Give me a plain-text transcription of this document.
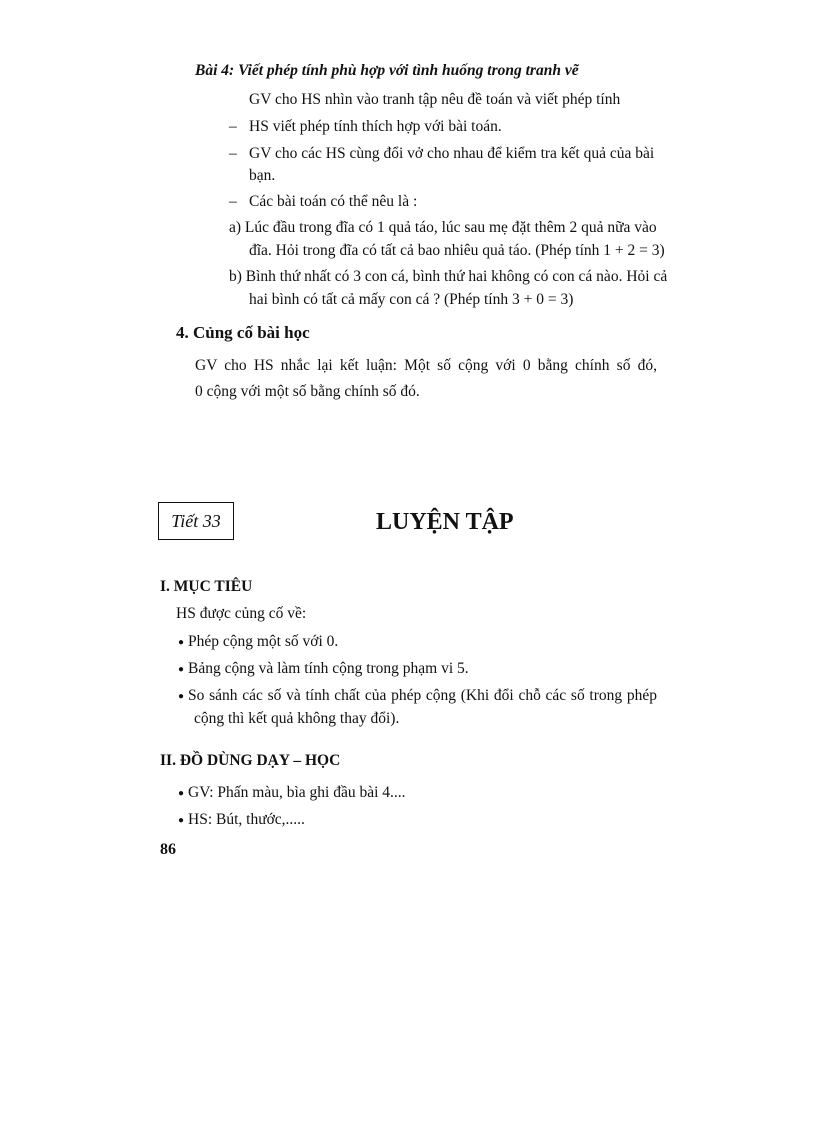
Bài 4: Viết phép tính phù hợp với tình huống trong tranh vẽ
GV cho HS nhìn vào tranh tập nêu đề toán và viết phép tính
– HS viết phép tính thích hợp với bài toán.
– GV cho các HS cùng đổi vở cho nhau để kiểm tra kết quả của bài
bạn.
– Các bài toán có thể nêu là :
a) Lúc đầu trong đĩa có 1 quả táo, lúc sau mẹ đặt thêm 2 quả nữa vào
đĩa. Hỏi trong đĩa có tất cả bao nhiêu quả táo. (Phép tính 1 + 2 = 3)
b) Bình thứ nhất có 3 con cá, bình thứ hai không có con cá nào. Hỏi cả
hai bình có tất cả mấy con cá ? (Phép tính 3 + 0 = 3)
4. Củng cố bài học
GV cho HS nhắc lại kết luận: Một số cộng với 0 bằng chính số đó,
0 cộng với một số bằng chính số đó.
Tiết 33	LUYỆN TẬP
I. MỤC TIÊU
HS được củng cố về:
● Phép cộng một số với 0.
● Bảng cộng và làm tính cộng trong phạm vi 5.
● So sánh các số và tính chất của phép cộng (Khi đổi chỗ các số trong phép
cộng thì kết quả không thay đổi).
II. ĐỒ DÙNG DẠY – HỌC
● GV: Phấn màu, bìa ghi đầu bài 4....
● HS: Bút, thước,.....
86
